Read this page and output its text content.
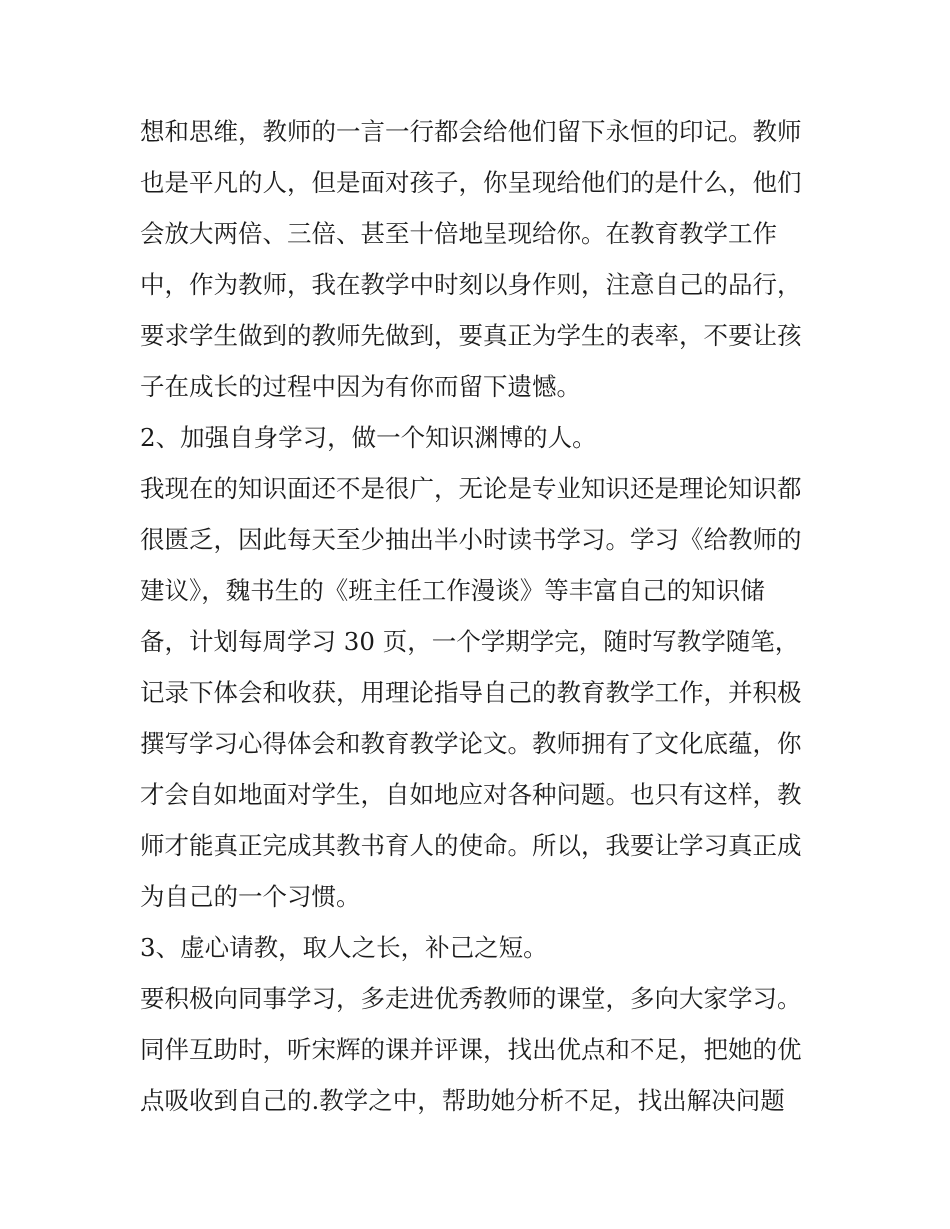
想和思维，教师的一言一行都会给他们留下永恒的印记。教师
也是平凡的人，但是面对孩子，你呈现给他们的是什么，他们
会放大两倍、三倍、甚至十倍地呈现给你。在教育教学工作
中，作为教师，我在教学中时刻以身作则，注意自己的品行，
要求学生做到的教师先做到，要真正为学生的表率，不要让孩
子在成长的过程中因为有你而留下遗憾。
2、加强自身学习，做一个知识渊博的人。
我现在的知识面还不是很广，无论是专业知识还是理论知识都
很匮乏，因此每天至少抽出半小时读书学习。学习《给教师的
建议》，魏书生的《班主任工作漫谈》等丰富自己的知识储
备，计划每周学习 30 页，一个学期学完，随时写教学随笔，
记录下体会和收获，用理论指导自己的教育教学工作，并积极
撰写学习心得体会和教育教学论文。教师拥有了文化底蕴，你
才会自如地面对学生，自如地应对各种问题。也只有这样，教
师才能真正完成其教书育人的使命。所以，我要让学习真正成
为自己的一个习惯。
3、虚心请教，取人之长，补己之短。
要积极向同事学习，多走进优秀教师的课堂，多向大家学习。
同伴互助时，听宋辉的课并评课，找出优点和不足，把她的优
点吸收到自己的.教学之中，帮助她分析不足，找出解决问题
